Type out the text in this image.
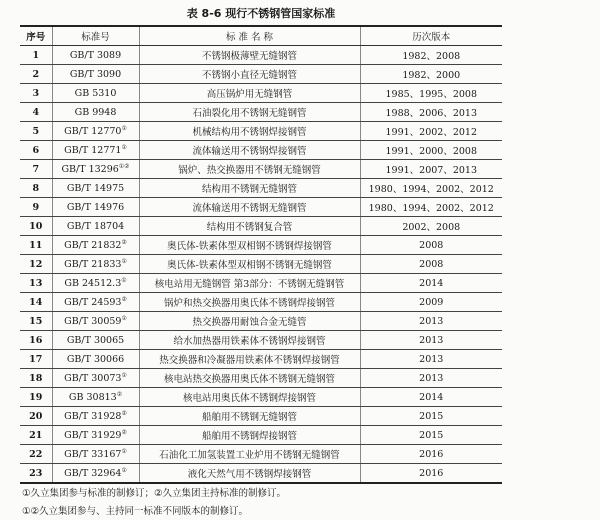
表 8-6 现行不锈钢管国家标准
序号	标准号	标 准 名 称	历次版本
1	GB/T 3089	不锈钢极薄壁无缝钢管	1982、2008
2	GB/T 3090	不锈钢小直径无缝钢管	1982、2000
3	GB 5310	高压锅炉用无缝钢管	1985、1995、2008
4	GB 9948	石油裂化用不锈钢无缝钢管	1988、2006、2013
5	GB/T 12770①	机械结构用不锈钢焊接钢管	1991、2002、2012
6	GB/T 12771①	流体输送用不锈钢焊接钢管	1991、2000、2008
7	GB/T 13296①②	锅炉、热交换器用不锈钢无缝钢管	1991、2007、2013
8	GB/T 14975	结构用不锈钢无缝钢管	1980、1994、2002、2012
9	GB/T 14976	流体输送用不锈钢无缝钢管	1980、1994、2002、2012
10	GB/T 18704	结构用不锈钢复合管	2002、2008
11	GB/T 21832②	奥氏体-铁素体型双相钢不锈钢焊接钢管	2008
12	GB/T 21833①	奥氏体-铁素体型双相钢不锈钢无缝钢管	2008
13	GB 24512.3①	核电站用无缝钢管 第3部分：不锈钢无缝钢管	2014
14	GB/T 24593②	锅炉和热交换器用奥氏体不锈钢焊接钢管	2009
15	GB/T 30059①	热交换器用耐蚀合金无缝管	2013
16	GB/T 30065	给水加热器用铁素体不锈钢焊接钢管	2013
17	GB/T 30066	热交换器和冷凝器用铁素体不锈钢焊接钢管	2013
18	GB/T 30073①	核电站热交换器用奥氏体不锈钢无缝钢管	2013
19	GB 30813②	核电站用奥氏体不锈钢焊接钢管	2014
20	GB/T 31928②	船舶用不锈钢无缝钢管	2015
21	GB/T 31929②	船舶用不锈钢焊接钢管	2015
22	GB/T 33167①	石油化工加氢装置工业炉用不锈钢无缝钢管	2016
23	GB/T 32964①	液化天然气用不锈钢焊接钢管	2016
①久立集团参与标准的制修订；②久立集团主持标准的制修订。
①②久立集团参与、主持同一标准不同版本的制修订。
